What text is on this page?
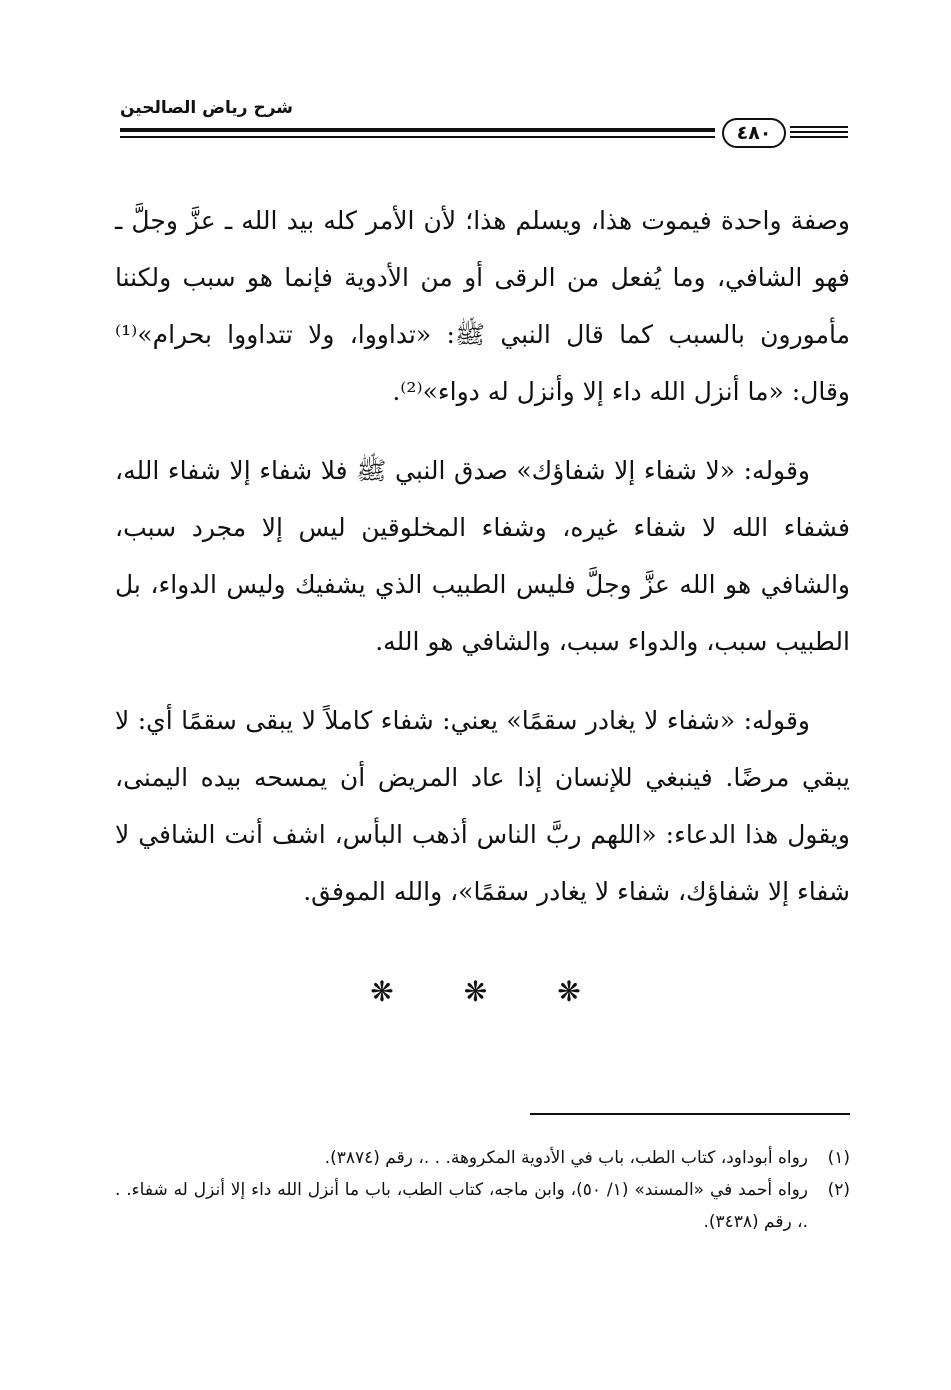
شرح رياض الصالحين
٤٨٠

وصفة واحدة فيموت هذا، ويسلم هذا؛ لأن الأمر كله بيد الله ـ عزَّ وجلَّ ـ فهو الشافي، وما يُفعل من الرقى أو من الأدوية فإنما هو سبب ولكننا مأمورون بالسبب كما قال النبي ﷺ: «تداووا، ولا تتداووا بحرام»⁽¹⁾ وقال: «ما أنزل الله داء إلا وأنزل له دواء»⁽²⁾.

وقوله: «لا شفاء إلا شفاؤك» صدق النبي ﷺ فلا شفاء إلا شفاء الله، فشفاء الله لا شفاء غيره، وشفاء المخلوقين ليس إلا مجرد سبب، والشافي هو الله عزَّ وجلَّ فليس الطبيب الذي يشفيك وليس الدواء، بل الطبيب سبب، والدواء سبب، والشافي هو الله.

وقوله: «شفاء لا يغادر سقمًا» يعني: شفاء كاملاً لا يبقى سقمًا أي: لا يبقي مرضًا. فينبغي للإنسان إذا عاد المريض أن يمسحه بيده اليمنى، ويقول هذا الدعاء: «اللهم ربَّ الناس أذهب البأس، اشف أنت الشافي لا شفاء إلا شفاؤك، شفاء لا يغادر سقمًا»، والله الموفق.

❋	❋	❋
(١)
رواه أبوداود، كتاب الطب، باب في الأدوية المكروهة. . .، رقم (٣٨٧٤).
(٢)
رواه أحمد في «المسند» (١/ ٥٠)، وابن ماجه، كتاب الطب، باب ما أنزل الله داء إلا أنزل له شفاء. . .، رقم (٣٤٣٨).
